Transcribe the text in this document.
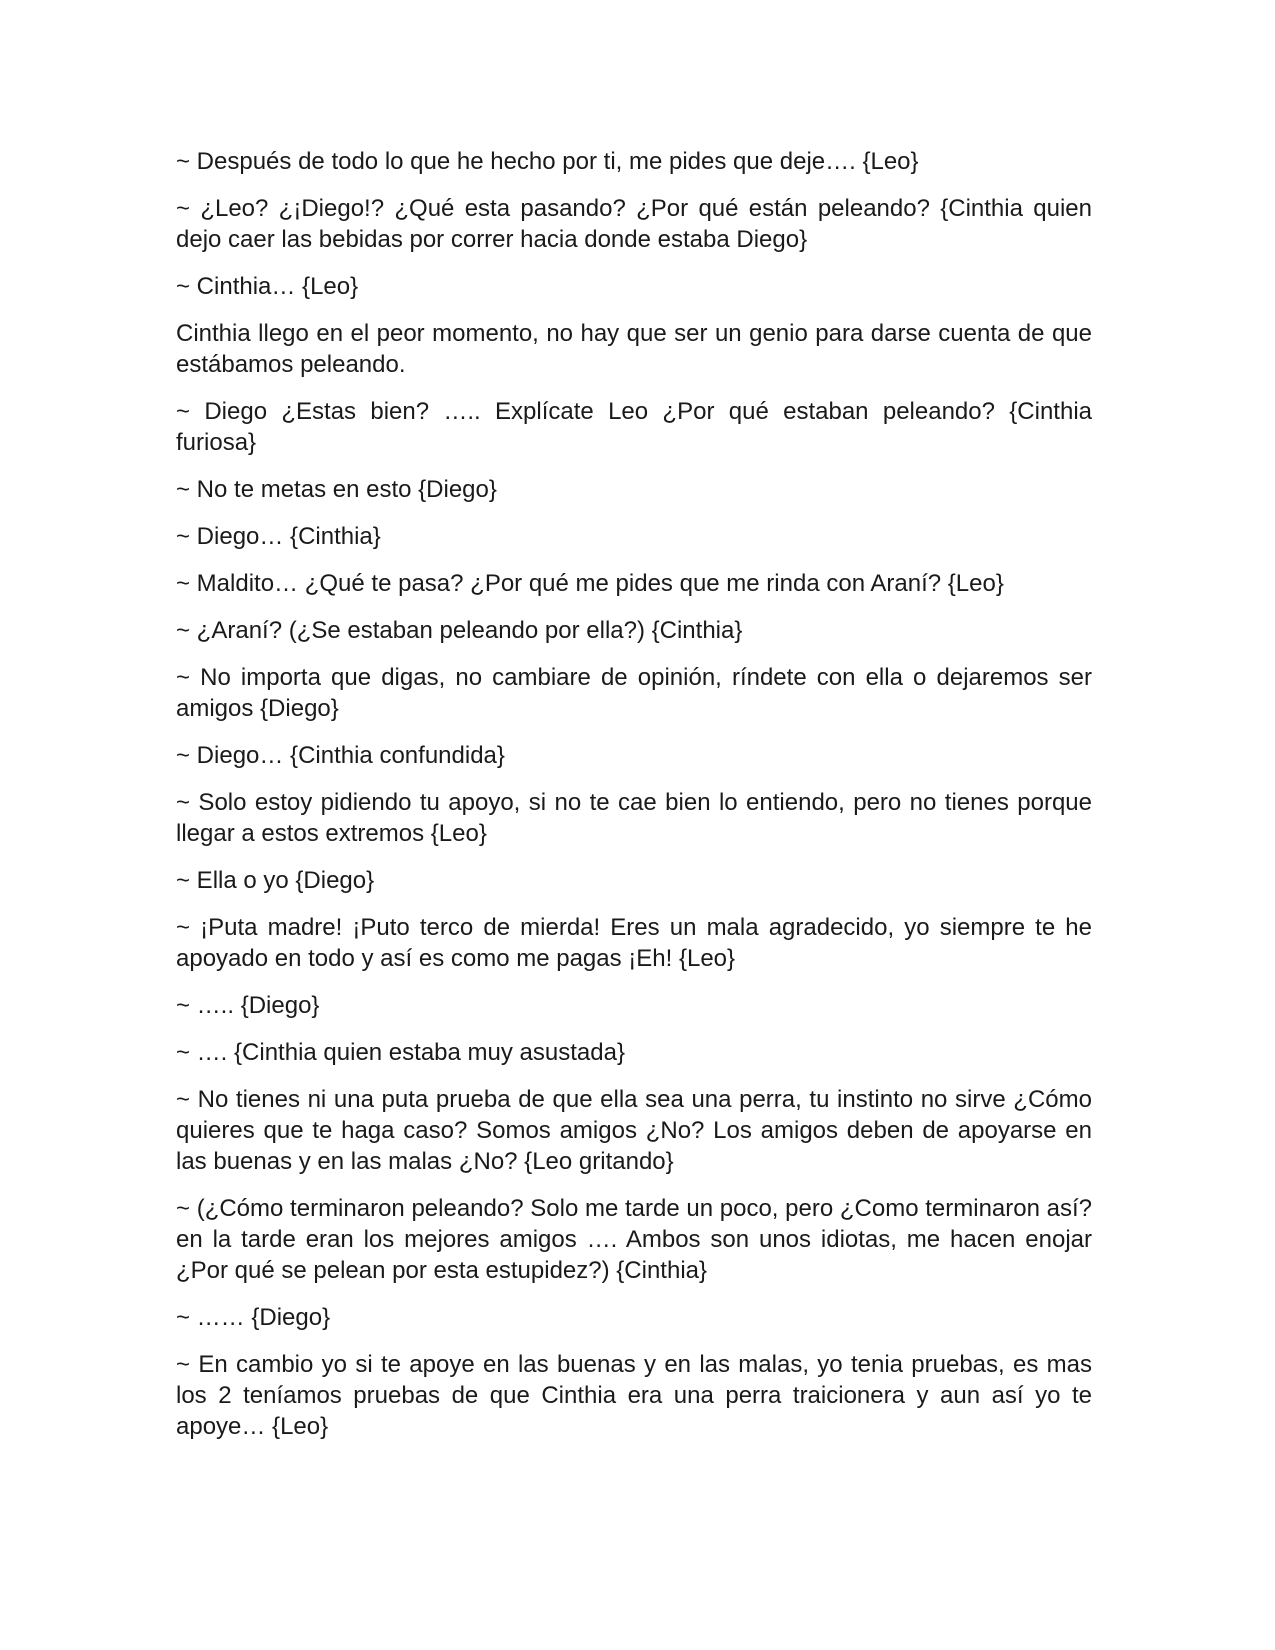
~ Después de todo lo que he hecho por ti, me pides que deje…. {Leo}

~ ¿Leo? ¿¡Diego!? ¿Qué esta pasando? ¿Por qué están peleando? {Cinthia quien dejo caer las bebidas por correr hacia donde estaba Diego}

~ Cinthia… {Leo}

Cinthia llego en el peor momento, no hay que ser un genio para darse cuenta de que estábamos peleando.

~ Diego ¿Estas bien? ….. Explícate Leo ¿Por qué estaban peleando? {Cinthia furiosa}

~ No te metas en esto {Diego}

~ Diego… {Cinthia}

~ Maldito… ¿Qué te pasa? ¿Por qué me pides que me rinda con Araní? {Leo}

~ ¿Araní? (¿Se estaban peleando por ella?) {Cinthia}

~ No importa que digas, no cambiare de opinión, ríndete con ella o dejaremos ser amigos {Diego}

~ Diego… {Cinthia confundida}

~ Solo estoy pidiendo tu apoyo, si no te cae bien lo entiendo, pero no tienes porque llegar a estos extremos {Leo}

~ Ella o yo {Diego}

~ ¡Puta madre! ¡Puto terco de mierda! Eres un mala agradecido, yo siempre te he apoyado en todo y así es como me pagas ¡Eh! {Leo}

~ ….. {Diego}

~ …. {Cinthia quien estaba muy asustada}

~ No tienes ni una puta prueba de que ella sea una perra, tu instinto no sirve ¿Cómo quieres que te haga caso? Somos amigos ¿No? Los amigos deben de apoyarse en las buenas y en las malas ¿No? {Leo gritando}

~ (¿Cómo terminaron peleando? Solo me tarde un poco, pero ¿Como terminaron así? en la tarde eran los mejores amigos …. Ambos son unos idiotas, me hacen enojar ¿Por qué se pelean por esta estupidez?) {Cinthia}

~ …… {Diego}

~ En cambio yo si te apoye en las buenas y en las malas, yo tenia pruebas, es mas los 2 teníamos pruebas de que Cinthia era una perra traicionera y aun así yo te apoye… {Leo}
